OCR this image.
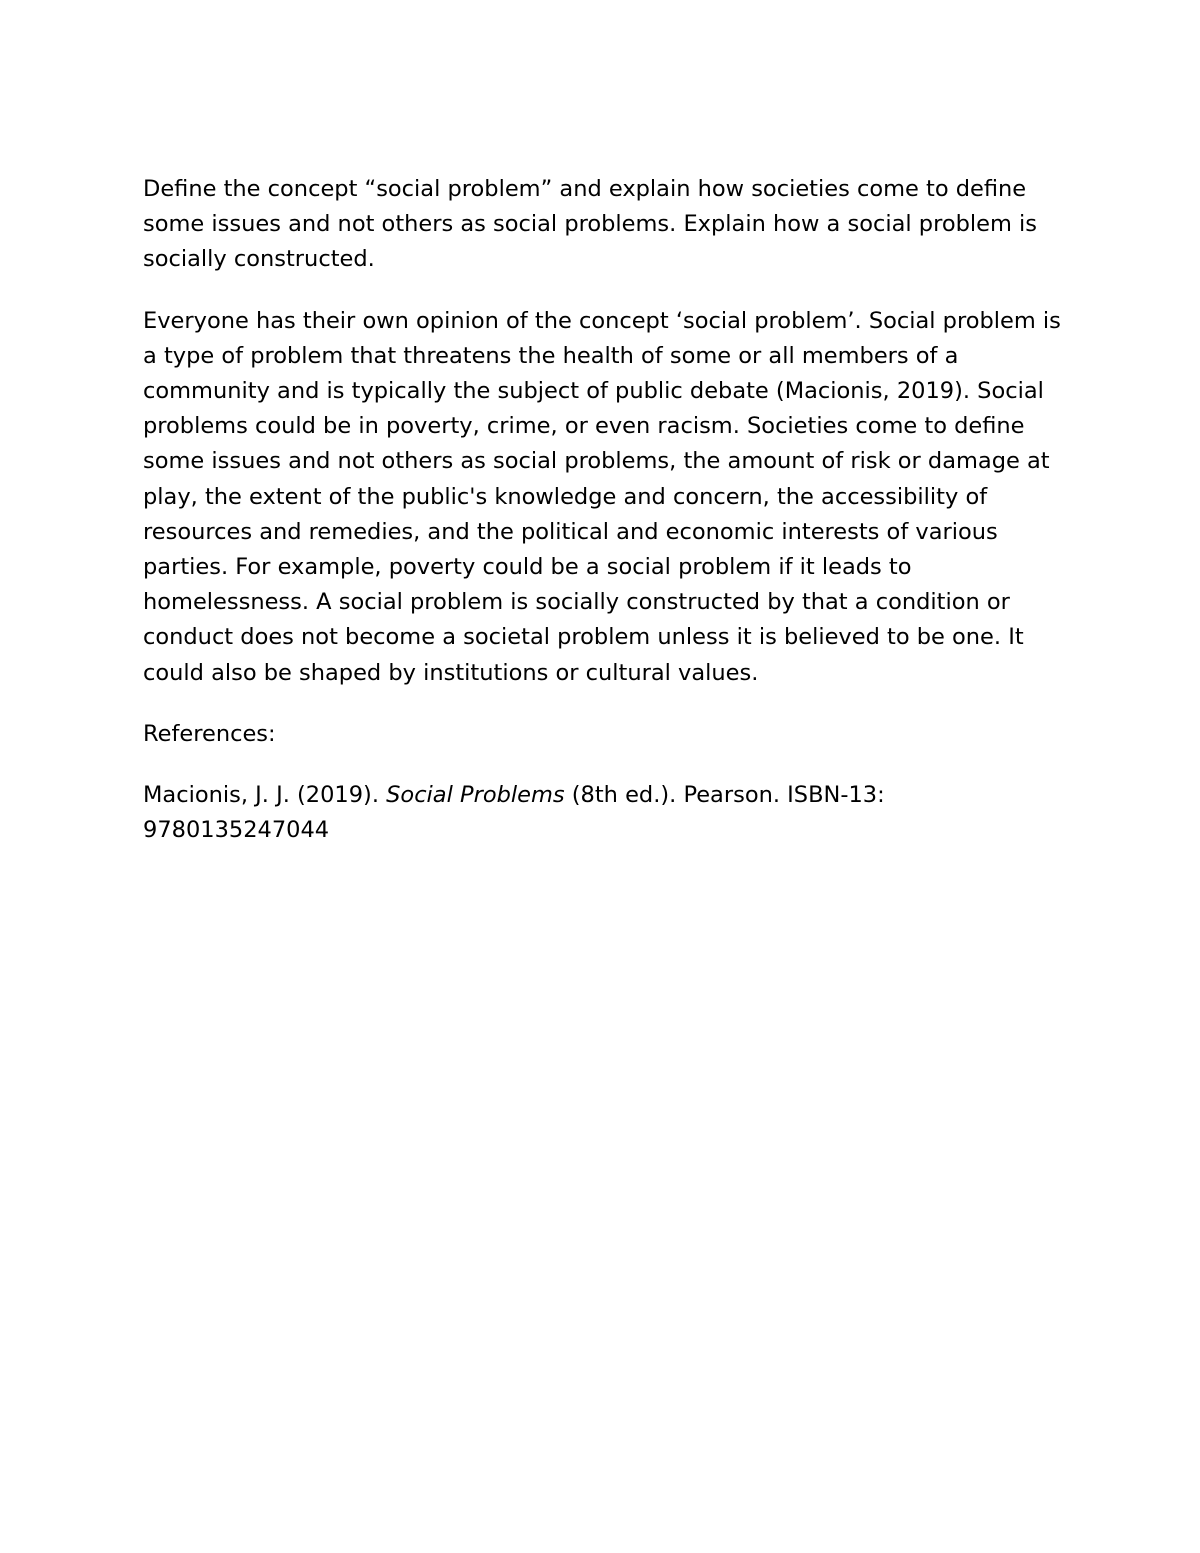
Define the concept “social problem” and explain how societies come to define some issues and not others as social problems. Explain how a social problem is socially constructed.

Everyone has their own opinion of the concept ‘social problem’. Social problem is a type of problem that threatens the health of some or all members of a community and is typically the subject of public debate (Macionis, 2019). Social problems could be in poverty, crime, or even racism. Societies come to define some issues and not others as social problems, the amount of risk or damage at play, the extent of the public's knowledge and concern, the accessibility of resources and remedies, and the political and economic interests of various parties. For example, poverty could be a social problem if it leads to homelessness. A social problem is socially constructed by that a condition or conduct does not become a societal problem unless it is believed to be one. It could also be shaped by institutions or cultural values.

References:

Macionis, J. J. (2019). Social Problems (8th ed.). Pearson. ISBN-13: 9780135247044
